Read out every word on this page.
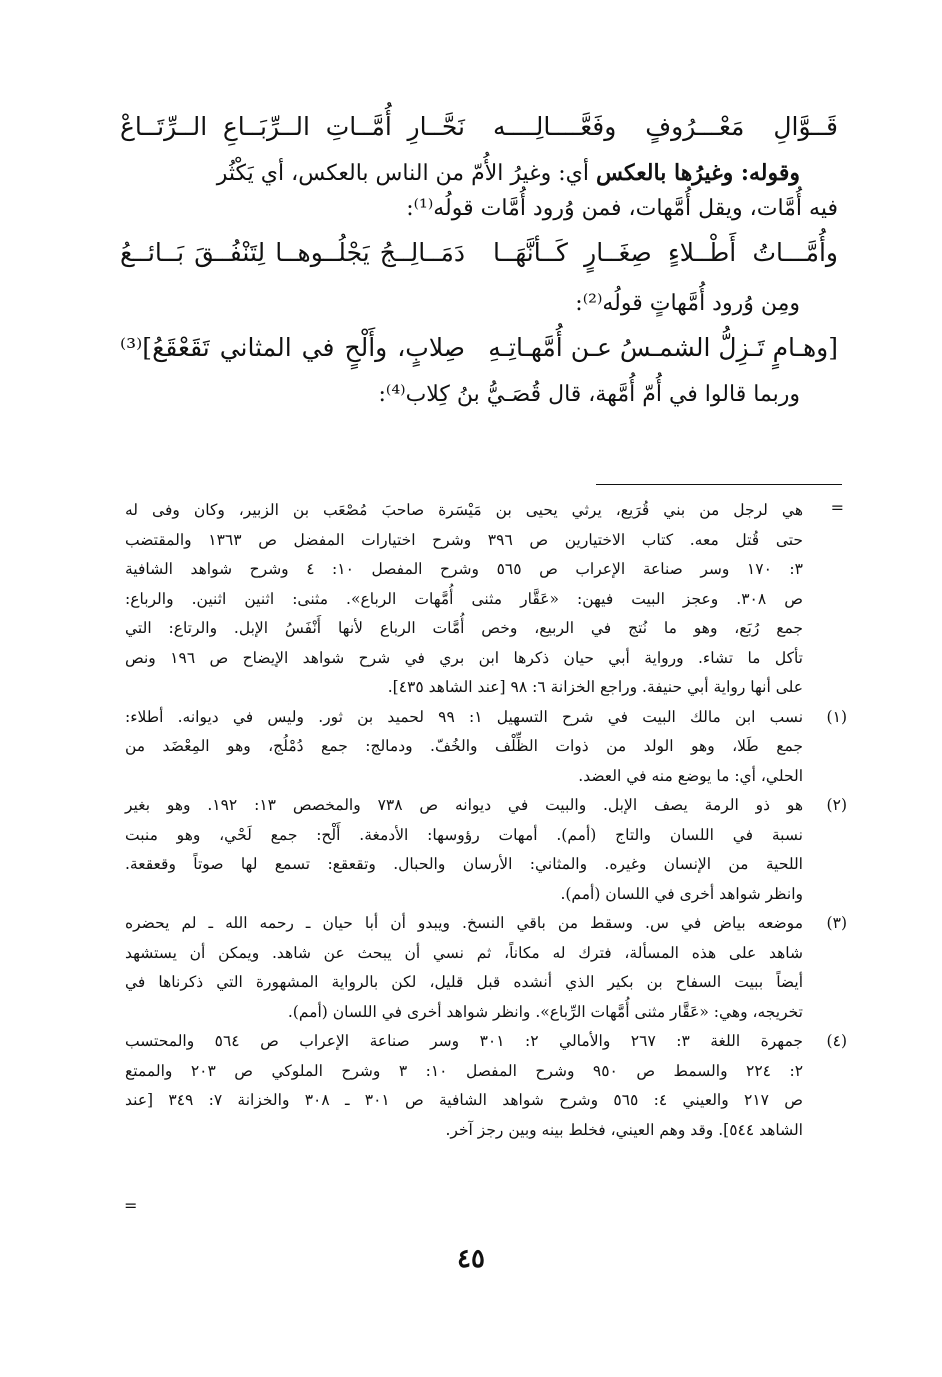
قَــوَّالِ مَعْـــرُوفٍ وفَعَّــــالِــــه
نَحَّــارِ أُمَّــاتِ الــرِّبَــاعِ الــرِّتَــاعْ
وقوله: وغيرُها بالعكس أي: وغيرُ الأُمّ من الناس بالعكس، أي يَكْثُر
فيه أُمَّات، ويقل أُمَّهات، فمن وُرود أُمَّات قولُه⁽¹⁾:
وأُمَّـــاتُ أَطْــلاءٍ صِغَــارٍ كَــأنَّهَــا
دَمَــالِــجُ يَجْلُــوهــا لِتَنْفُــقَ بَــائــعُ
ومِن وُرود أُمَّهاتٍ قولُه⁽²⁾:
[وهـامٍ تَـزِلُّ الشمـسُ عـن أُمَّهـاتِـهِ
صِلابٍ، وأَلْحٍ في المثاني تَقَعْقَعُ]⁽³⁾
وربما قالوا في أُمّ أُمَّهة، قال قُصَـيُّ بنُ كِلاب⁽⁴⁾:
=
هي لرجل من بني قُرَيع، يرثي يحيى بن مَيْسَرة صاحبَ مُصْعَب بن الزبير، وكان وفى له
حتى قُتل معه. كتاب الاختيارين ص ٣٩٦ وشرح اختيارات المفضل ص ١٣٦٣ والمقتضب
٣: ١٧٠ وسر صناعة الإعراب ص ٥٦٥ وشرح المفصل ١٠: ٤ وشرح شواهد الشافية
ص ٣٠٨. وعجز البيت فيهن: «عَقَّار مثنى أُمَّهات الرباع». مثنى: اثنين اثنين. والرباع:
جمع رُبَع، وهو ما نُتج في الربيع، وخص أُمَّات الرباع لأنها أَنْفَسُ الإبل. والرتاع: التي
تأكل ما تشاء. ورواية أبي حيان ذكرها ابن بري في شرح شواهد الإيضاح ص ١٩٦ ونص
على أنها رواية أبي حنيفة. وراجع الخزانة ٦: ٩٨ [عند الشاهد ٤٣٥].
(١)
نسب ابن مالك البيت في شرح التسهيل ١: ٩٩ لحميد بن ثور. وليس في ديوانه. أطلاء:
جمع طَلا، وهو الولد من ذوات الظِّلْف والخُفّ. ودمالج: جمع دُمْلُج، وهو المِعْضَد من
الحلي، أي: ما يوضع منه في العضد.
(٢)
هو ذو الرمة يصف الإبل. والبيت في ديوانه ص ٧٣٨ والمخصص ١٣: ١٩٢. وهو بغير
نسبة في اللسان والتاج (أمم). أمهات رؤوسها: الأدمغة. أَلْح: جمع لَحْي، وهو منبت
اللحية من الإنسان وغيره. والمثاني: الأرسان والحبال. وتقعقع: تسمع لها صوتاً وقعقعة.
وانظر شواهد أخرى في اللسان (أمم).
(٣)
موضعه بياض في س. وسقط من باقي النسخ. ويبدو أن أبا حيان ـ رحمه الله ـ لم يحضره
شاهد على هذه المسألة، فترك له مكاناً، ثم نسي أن يبحث عن شاهد. ويمكن أن يستشهد
أيضاً ببيت السفاح بن بكير الذي أنشده قبل قليل، لكن بالرواية المشهورة التي ذكرناها في
تخريجه، وهي: «عَقَّار مثنى أُمَّهات الرِّباع». وانظر شواهد أخرى في اللسان (أمم).
(٤)
جمهرة اللغة ٣: ٢٦٧ والأمالي ٢: ٣٠١ وسر صناعة الإعراب ص ٥٦٤ والمحتسب
٢: ٢٢٤ والسمط ص ٩٥٠ وشرح المفصل ١٠: ٣ وشرح الملوكي ص ٢٠٣ والممتع
ص ٢١٧ والعيني ٤: ٥٦٥ وشرح شواهد الشافية ص ٣٠١ ـ ٣٠٨ والخزانة ٧: ٣٤٩ [عند
الشاهد ٥٤٤]. وقد وهم العيني، فخلط بينه وبين رجز آخر.
=
٤٥
